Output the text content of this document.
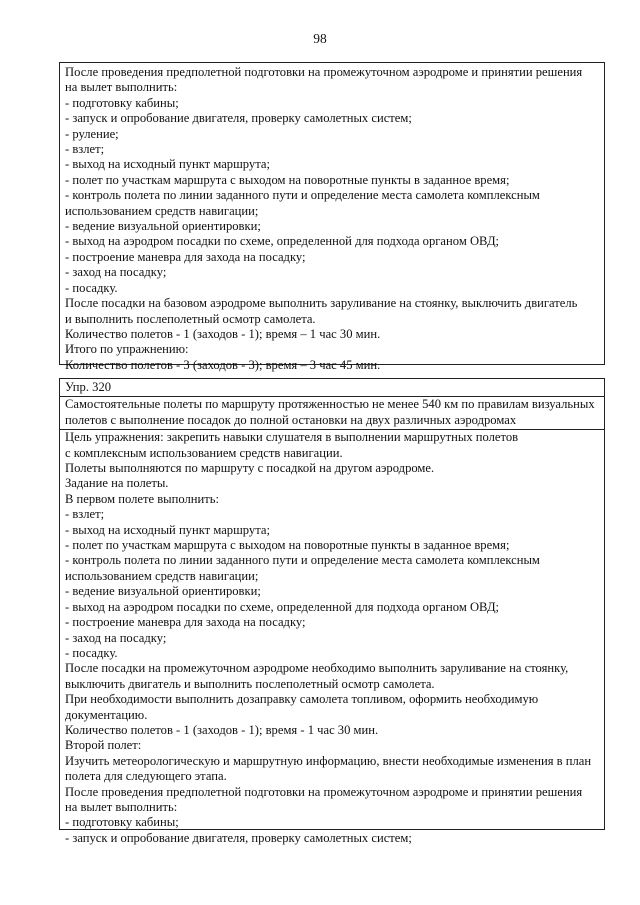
98
После проведения предполетной подготовки на промежуточном аэродроме и принятии решения
на вылет выполнить:
- подготовку кабины;
- запуск и опробование двигателя, проверку самолетных систем;
- руление;
- взлет;
- выход на исходный пункт маршрута;
- полет по участкам маршрута с выходом на поворотные пункты в заданное время;
- контроль полета по линии заданного пути и определение места самолета комплексным
использованием средств навигации;
- ведение визуальной ориентировки;
- выход на аэродром посадки по схеме, определенной для подхода органом ОВД;
- построение маневра для захода на посадку;
- заход на посадку;
- посадку.
После посадки на базовом аэродроме выполнить заруливание на стоянку, выключить двигатель
и выполнить послеполетный осмотр самолета.
Количество полетов - 1 (заходов - 1); время – 1 час 30 мин.
Итого по упражнению:
Количество полетов - 3 (заходов - 3); время – 3 час 45 мин.
Упр. 320
Самостоятельные полеты по маршруту протяженностью не менее 540 км по правилам визуальных
полетов с выполнение посадок до полной остановки на двух различных аэродромах
Цель упражнения: закрепить навыки слушателя в выполнении маршрутных полетов
с комплексным использованием средств навигации.
Полеты выполняются по маршруту с посадкой на другом аэродроме.
Задание на полеты.
В первом полете выполнить:
- взлет;
- выход на исходный пункт маршрута;
- полет по участкам маршрута с выходом на поворотные пункты в заданное время;
- контроль полета по линии заданного пути и определение места самолета комплексным
использованием средств навигации;
- ведение визуальной ориентировки;
- выход на аэродром посадки по схеме, определенной для подхода органом ОВД;
- построение маневра для захода на посадку;
- заход на посадку;
- посадку.
После посадки на промежуточном аэродроме необходимо выполнить заруливание на стоянку,
выключить двигатель и выполнить послеполетный осмотр самолета.
При необходимости выполнить дозаправку самолета топливом, оформить необходимую
документацию.
Количество полетов - 1 (заходов - 1); время - 1 час 30 мин.
Второй полет:
Изучить метеорологическую и маршрутную информацию, внести необходимые изменения в план
полета для следующего этапа.
После проведения предполетной подготовки на промежуточном аэродроме и принятии решения
на вылет выполнить:
- подготовку кабины;
- запуск и опробование двигателя, проверку самолетных систем;
